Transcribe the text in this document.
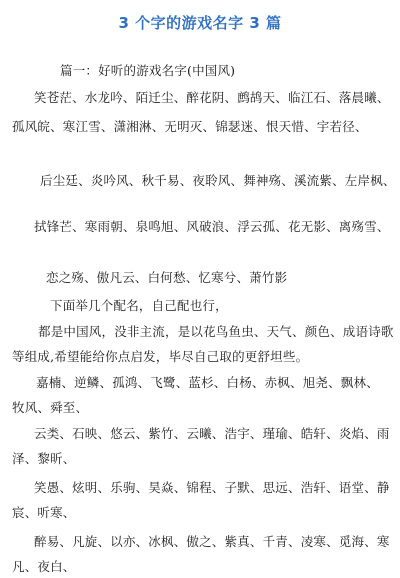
3 个字的游戏名字 3 篇
篇一：好听的游戏名字(中国风)
笑苍茫、水龙吟、陌迁尘、醉花阴、鹧鸪天、临江石、落晨曦、
孤风皖、寒江雪、潇湘淋、无明灭、锦瑟迷、恨天惜、宇若径、
后尘廷、炎吟风、秋千易、夜聆风、舞神殇、溪流紫、左岸枫、
拭锋芒、寒雨朝、泉鸣旭、风破浪、浮云孤、花无影、离殇雪、
恋之殇、傲凡云、白何愁、忆寒兮、萧竹影
下面举几个配名，自己配也行，
都是中国风，没非主流，是以花鸟鱼虫、天气、颜色、成语诗歌
等组成,希望能给你点启发，毕尽自己取的更舒坦些。
嘉楠、逆鳞、孤鸿、飞鹭、蓝杉、白杨、赤枫、旭尧、飘林、
牧风、舜至、
云类、石映、悠云、紫竹、云曦、浩宇、瑾瑜、皓轩、炎焰、雨
泽、黎昕、
笑愚、炫明、乐驹、昊焱、锦程、子默、思远、浩轩、语堂、静
宸、听寒、
醉易、凡旋、以亦、冰枫、傲之、紫真、千青、凌寒、觅海、寒
凡、夜白、
